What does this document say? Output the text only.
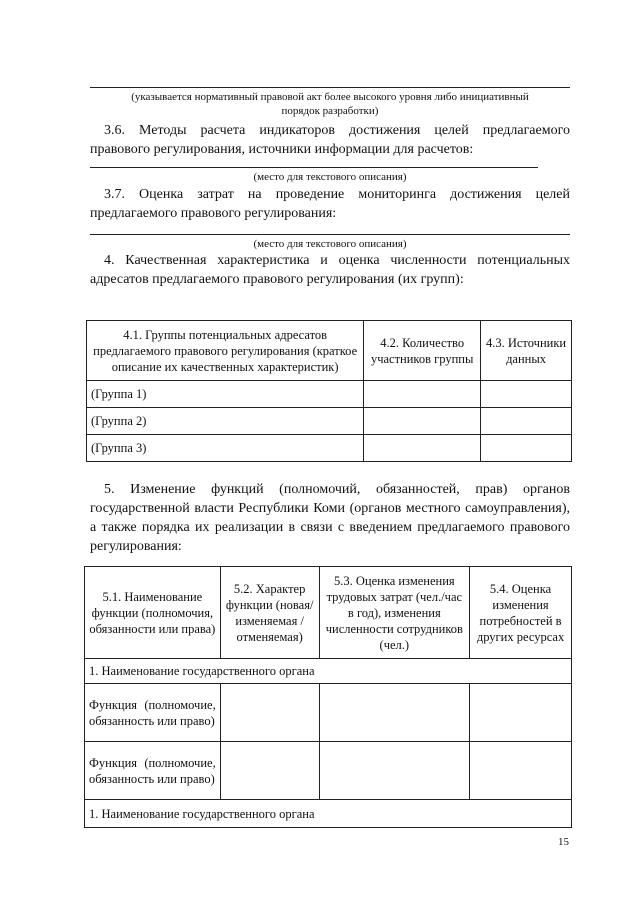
(указывается нормативный правовой акт более высокого уровня либо инициативный
порядок разработки)
3.6. Методы расчета индикаторов достижения целей предлагаемого правового регулирования, источники информации для расчетов:
(место для текстового описания)
3.7. Оценка затрат на проведение мониторинга достижения целей предлагаемого правового регулирования:
(место для текстового описания)
4. Качественная характеристика и оценка численности потенциальных адресатов предлагаемого правового регулирования (их групп):
4.1. Группы потенциальных адресатов предлагаемого правового регулирования (краткое описание их качественных характеристик)	4.2. Количество участников группы	4.3. Источники данных
(Группа 1)		
(Группа 2)		
(Группа 3)		
5. Изменение функций (полномочий, обязанностей, прав) органов государственной власти Республики Коми (органов местного самоуправления), а также порядка их реализации в связи с введением предлагаемого правового регулирования:
5.1. Наименование функции (полномочия, обязанности или права)	5.2. Характер функции (новая/изменяемая /отменяемая)	5.3. Оценка изменения трудовых затрат (чел./час в год), изменения численности сотрудников (чел.)	5.4. Оценка изменения потребностей в других ресурсах
1. Наименование государственного органа			
Функция (полномочие, обязанность или право)			
Функция (полномочие, обязанность или право)			
1. Наименование государственного органа			
15
